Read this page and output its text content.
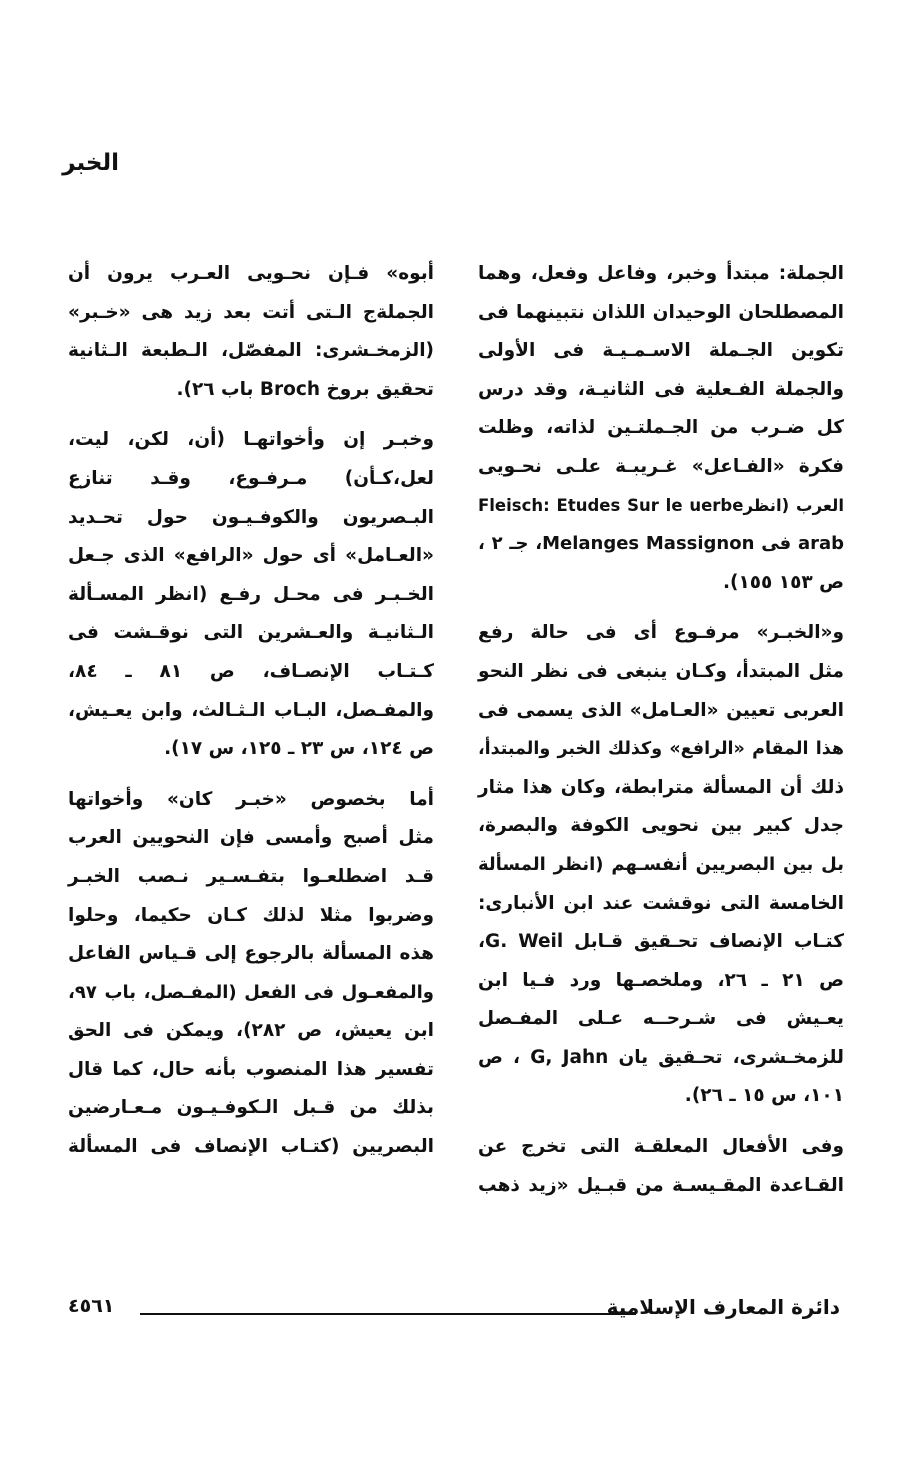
الخبر

الجملة: مبتدأ وخبر، وفاعل وفعل، وهما
المصطلحان الوحيدان اللذان نتبينهما فى
تكوين الجـملة الاسـمـيـة فى الأولى
والجملة الفـعلية فى الثانيـة، وقد درس
كل ضـرب من الجـملتـين لذاته، وظلت
فكرة «الفـاعل» غـريبـة علـى نحـويى
العرب (انظرFleisch: Etudes Sur le uerbe
arab فى Melanges Massignon، جـ ٢ ،
ص ١٥٣ ١٥٥).

و«الخبـر» مرفـوع أى فى حالة رفع
مثل المبتدأ، وكـان ينبغى فى نظر النحو
العربى تعيين «العـامل» الذى يسمى فى
هذا المقام «الرافع» وكذلك الخبر والمبتدأ،
ذلك أن المسألة مترابطة، وكان هذا مثار
جدل كبير بين نحويى الكوفة والبصرة،
بل بين البصريين أنفسـهم (انظر المسألة
الخامسة التى نوقشت عند ابن الأنبارى:
كتـاب الإنصاف تحـقيق قـابل G. Weil،
ص ٢١ ـ ٢٦، وملخصـها ورد فـيا ابن
يعـيش فى شـرحــه عـلى المفـصل
للزمخـشرى، تحـقيق يان G, Jahn ، ص
١٠١، س ١٥ ـ ٢٦).

وفى الأفعال المعلقـة التى تخرج عن
القـاعدة المقـيسـة من قبـيل «زيد ذهب

أبوه» فـإن نحـويى العـرب يرون أن
الجملةج الـتى أتت بعد زيد هى «خـبر»
(الزمخـشرى: المفصّل، الـطبعة الـثانية
تحقيق بروخ Broch باب ٢٦).

وخبـر إن وأخواتهـا (أن، لكن، ليت،
لعل،كـأن) مـرفـوع، وقـد تنازع
البـصريون والكوفـيـون حول تحـديد
«العـامل» أى حول «الرافع» الذى جـعل
الخـبـر فى محـل رفـع (انظر المسـألة
الـثانيـة والعـشرين التى نوقـشت فى
كـتـاب الإنصـاف، ص ٨١ ـ ٨٤،
والمفـصل، البـاب الـثـالث، وابن يعـيش،
ص ١٢٤، س ٢٣ ـ ١٢٥، س ١٧).

أما بخصوص «خبـر كان» وأخواتها
مثل أصبح وأمسى فإن النحويين العرب
قـد اضطلعـوا بتفـسـير نـصب الخبـر
وضربوا مثلا لذلك كـان حكيما، وحلوا
هذه المسألة بالرجوع إلى قـياس الفاعل
والمفعـول فى الفعل (المفـصل، باب ٩٧،
ابن يعيش، ص ٢٨٢)، ويمكن فى الحق
تفسير هذا المنصوب بأنه حال، كما قال
بذلك من قـبل الـكوفـيـون مـعـارضين
البصريين (كتـاب الإنصاف فى المسألة

دائرة المعارف الإسلامية
٤٥٦١
